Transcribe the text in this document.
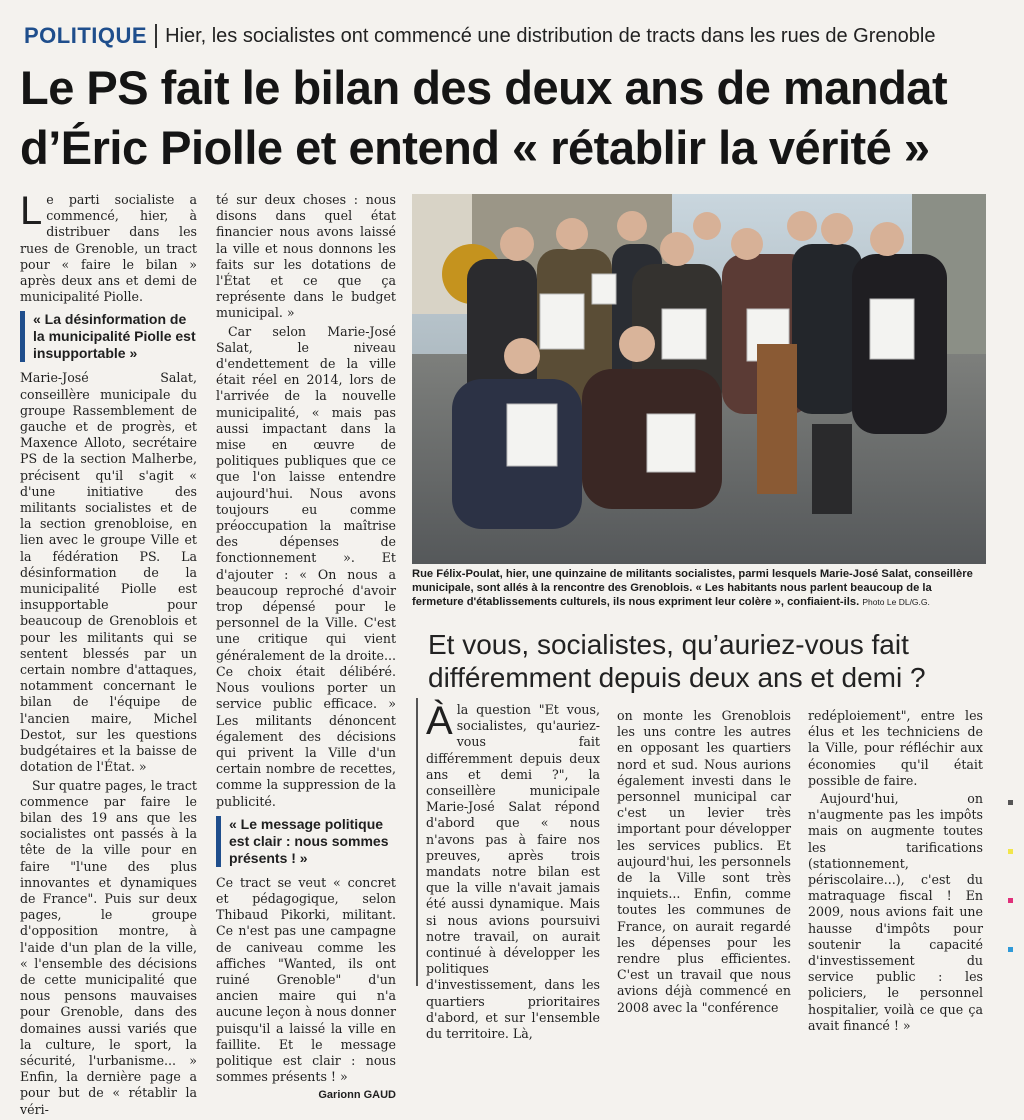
POLITIQUE Hier, les socialistes ont commencé une distribution de tracts dans les rues de Grenoble
Le PS fait le bilan des deux ans de mandat d’Éric Piolle et entend « rétablir la vérité »

Le parti socialiste a commencé, hier, à distribuer dans les rues de Grenoble, un tract pour « faire le bilan » après deux ans et demi de municipalité Piolle.

« La désinformation de la municipalité Piolle est insupportable »

Marie-José Salat, conseillère municipale du groupe Rassemblement de gauche et de progrès, et Maxence Alloto, secrétaire PS de la section Malherbe, précisent qu'il s'agit « d'une initiative des militants socialistes et de la section grenobloise, en lien avec le groupe Ville et la fédération PS. La désinformation de la municipalité Piolle est insupportable pour beaucoup de Grenoblois et pour les militants qui se sentent blessés par un certain nombre d'attaques, notamment concernant le bilan de l'équipe de l'ancien maire, Michel Destot, sur les questions budgétaires et la baisse de dotation de l'État. »

Sur quatre pages, le tract commence par faire le bilan des 19 ans que les socialistes ont passés à la tête de la ville pour en faire "l'une des plus innovantes et dynamiques de France". Puis sur deux pages, le groupe d'opposition montre, à l'aide d'un plan de la ville, « l'ensemble des décisions de cette municipalité que nous pensons mauvaises pour Grenoble, dans des domaines aussi variés que la culture, le sport, la sécurité, l'urbanisme... » Enfin, la dernière page a pour but de « rétablir la véri-

té sur deux choses : nous disons dans quel état financier nous avons laissé la ville et nous donnons les faits sur les dotations de l'État et ce que ça représente dans le budget municipal. »

Car selon Marie-José Salat, le niveau d'endettement de la ville était réel en 2014, lors de l'arrivée de la nouvelle municipalité, « mais pas aussi impactant dans la mise en œuvre de politiques publiques que ce que l'on laisse entendre aujourd'hui. Nous avons toujours eu comme préoccupation la maîtrise des dépenses de fonctionnement ». Et d'ajouter : « On nous a beaucoup reproché d'avoir trop dépensé pour le personnel de la Ville. C'est une critique qui vient généralement de la droite... Ce choix était délibéré. Nous voulions porter un service public efficace. » Les militants dénoncent également des décisions qui privent la Ville d'un certain nombre de recettes, comme la suppression de la publicité.

« Le message politique est clair : nous sommes présents ! »

Ce tract se veut « concret et pédagogique, selon Thibaud Pikorki, militant. Ce n'est pas une campagne de caniveau comme les affiches "Wanted, ils ont ruiné Grenoble" d'un ancien maire qui n'a aucune leçon à nous donner puisqu'il a laissé la ville en faillite. Et le message politique est clair : nous sommes présents ! »

Garionn GAUD
Rue Félix-Poulat, hier, une quinzaine de militants socialistes, parmi lesquels Marie-José Salat, conseillère municipale, sont allés à la rencontre des Grenoblois. « Les habitants nous parlent beaucoup de la fermeture d'établissements culturels, ils nous expriment leur colère », confiaient-ils. Photo Le DL/G.G.
Et vous, socialistes, qu’auriez-vous fait différemment depuis deux ans et demi ?

Àla question "Et vous, socialistes, qu'auriez-vous fait différemment depuis deux ans et demi ?", la conseillère municipale Marie-José Salat répond d'abord que « nous n'avons pas à faire nos preuves, après trois mandats notre bilan est que la ville n'avait jamais été aussi dynamique. Mais si nous avions poursuivi notre travail, on aurait continué à développer les politiques d'investissement, dans les quartiers prioritaires d'abord, et sur l'ensemble du territoire. Là,

on monte les Grenoblois les uns contre les autres en opposant les quartiers nord et sud. Nous aurions également investi dans le personnel municipal car c'est un levier très important pour développer les services publics. Et aujourd'hui, les personnels de la Ville sont très inquiets... Enfin, comme toutes les communes de France, on aurait regardé les dépenses pour les rendre plus efficientes. C'est un travail que nous avions déjà commencé en 2008 avec la "conférence

redéploiement", entre les élus et les techniciens de la Ville, pour réfléchir aux économies qu'il était possible de faire.

Aujourd'hui, on n'augmente pas les impôts mais on augmente toutes les tarifications (stationnement, périscolaire...), c'est du matraquage fiscal ! En 2009, nous avions fait une hausse d'impôts pour soutenir la capacité d'investissement du service public : les policiers, le personnel hospitalier, voilà ce que ça avait financé ! »
